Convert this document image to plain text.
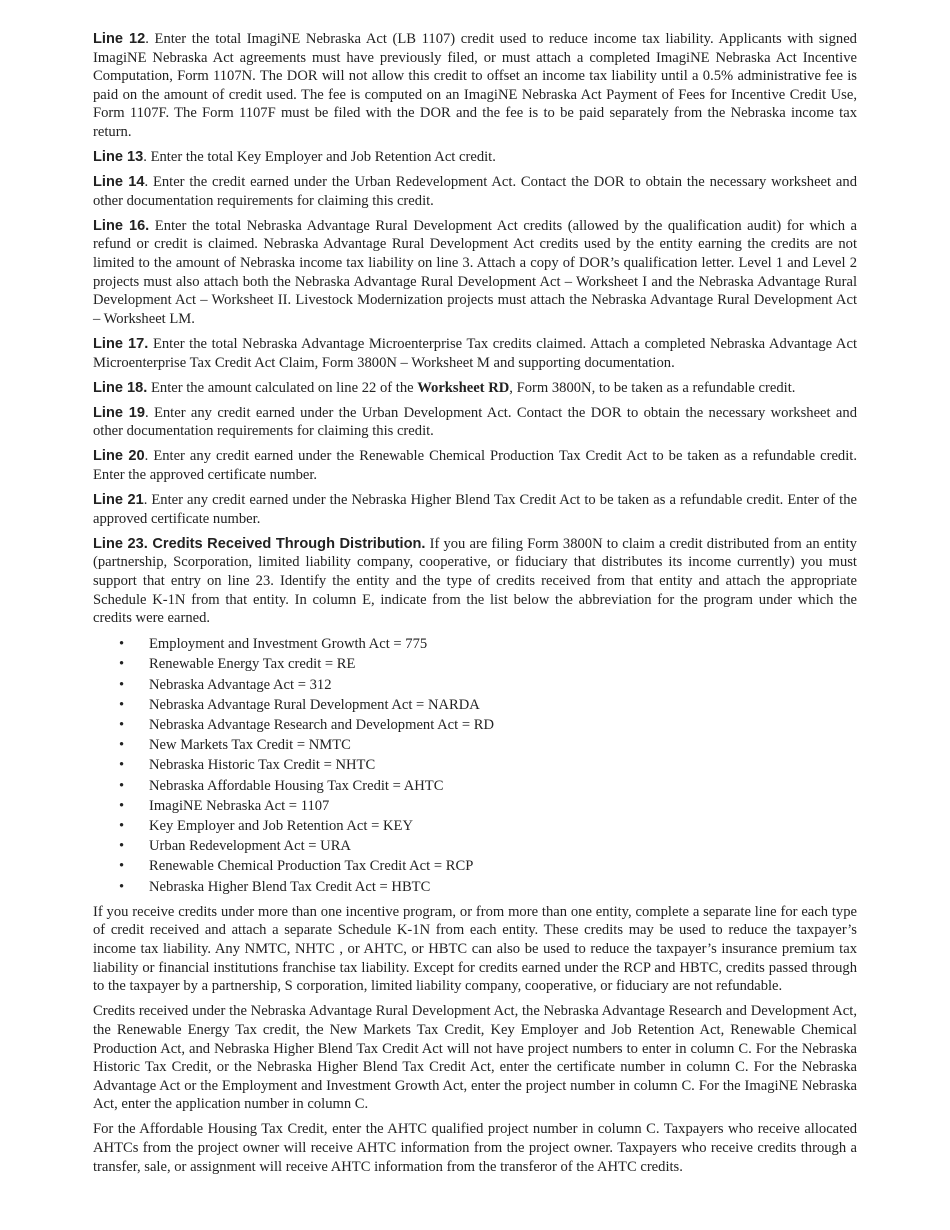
Line 12. Enter the total ImagiNE Nebraska Act (LB 1107) credit used to reduce income tax liability. Applicants with signed ImagiNE Nebraska Act agreements must have previously filed, or must attach a completed ImagiNE Nebraska Act Incentive Computation, Form 1107N. The DOR will not allow this credit to offset an income tax liability until a 0.5% administrative fee is paid on the amount of credit used. The fee is computed on an ImagiNE Nebraska Act Payment of Fees for Incentive Credit Use, Form 1107F. The Form 1107F must be filed with the DOR and the fee is to be paid separately from the Nebraska income tax return.

Line 13. Enter the total Key Employer and Job Retention Act credit.

Line 14. Enter the credit earned under the Urban Redevelopment Act. Contact the DOR to obtain the necessary worksheet and other documentation requirements for claiming this credit.

Line 16. Enter the total Nebraska Advantage Rural Development Act credits (allowed by the qualification audit) for which a refund or credit is claimed. Nebraska Advantage Rural Development Act credits used by the entity earning the credits are not limited to the amount of Nebraska income tax liability on line 3. Attach a copy of DOR’s qualification letter. Level 1 and Level 2 projects must also attach both the Nebraska Advantage Rural Development Act – Worksheet I and the Nebraska Advantage Rural Development Act – Worksheet II. Livestock Modernization projects must attach the Nebraska Advantage Rural Development Act – Worksheet LM.

Line 17. Enter the total Nebraska Advantage Microenterprise Tax credits claimed. Attach a completed Nebraska Advantage Act Microenterprise Tax Credit Act Claim, Form 3800N – Worksheet M and supporting documentation.

Line 18. Enter the amount calculated on line 22 of the Worksheet RD, Form 3800N, to be taken as a refundable credit.

Line 19. Enter any credit earned under the Urban Development Act. Contact the DOR to obtain the necessary worksheet and other documentation requirements for claiming this credit.

Line 20. Enter any credit earned under the Renewable Chemical Production Tax Credit Act to be taken as a refundable credit. Enter the approved certificate number.

Line 21. Enter any credit earned under the Nebraska Higher Blend Tax Credit Act to be taken as a refundable credit. Enter of the approved certificate number.

Line 23. Credits Received Through Distribution. If you are filing Form 3800N to claim a credit distributed from an entity (partnership, Scorporation, limited liability company, cooperative, or fiduciary that distributes its income currently) you must support that entry on line 23. Identify the entity and the type of credits received from that entity and attach the appropriate Schedule K-1N from that entity. In column E, indicate from the list below the abbreviation for the program under which the credits were earned.

• Employment and Investment Growth Act = 775
• Renewable Energy Tax credit = RE
• Nebraska Advantage Act = 312
• Nebraska Advantage Rural Development Act = NARDA
• Nebraska Advantage Research and Development Act = RD
• New Markets Tax Credit = NMTC
• Nebraska Historic Tax Credit = NHTC
• Nebraska Affordable Housing Tax Credit = AHTC
• ImagiNE Nebraska Act = 1107
• Key Employer and Job Retention Act = KEY
• Urban Redevelopment Act = URA
• Renewable Chemical Production Tax Credit Act = RCP
• Nebraska Higher Blend Tax Credit Act = HBTC

If you receive credits under more than one incentive program, or from more than one entity, complete a separate line for each type of credit received and attach a separate Schedule K-1N from each entity. These credits may be used to reduce the taxpayer’s income tax liability. Any NMTC, NHTC , or AHTC, or HBTC can also be used to reduce the taxpayer’s insurance premium tax liability or financial institutions franchise tax liability. Except for credits earned under the RCP and HBTC, credits passed through to the taxpayer by a partnership, S corporation, limited liability company, cooperative, or fiduciary are not refundable.

Credits received under the Nebraska Advantage Rural Development Act, the Nebraska Advantage Research and Development Act, the Renewable Energy Tax credit, the New Markets Tax Credit, Key Employer and Job Retention Act, Renewable Chemical Production Act, and Nebraska Higher Blend Tax Credit Act will not have project numbers to enter in column C. For the Nebraska Historic Tax Credit, or the Nebraska Higher Blend Tax Credit Act, enter the certificate number in column C. For the Nebraska Advantage Act or the Employment and Investment Growth Act, enter the project number in column C. For the ImagiNE Nebraska Act, enter the application number in column C.

For the Affordable Housing Tax Credit, enter the AHTC qualified project number in column C. Taxpayers who receive allocated AHTCs from the project owner will receive AHTC information from the project owner. Taxpayers who receive credits through a transfer, sale, or assignment will receive AHTC information from the transferor of the AHTC credits.
